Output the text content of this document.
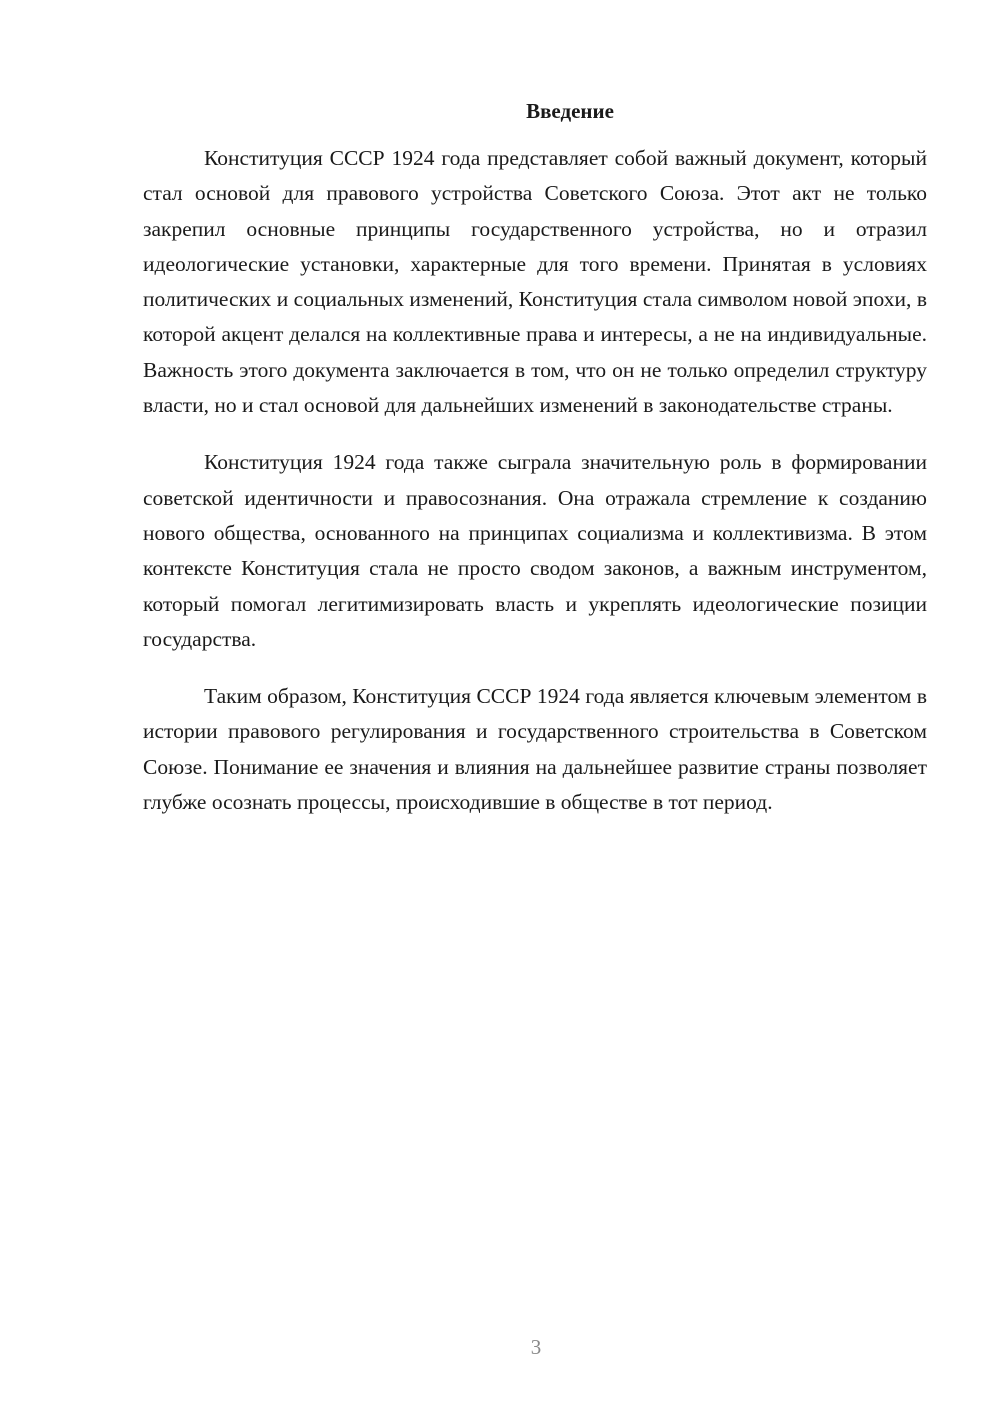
Введение

Конституция СССР 1924 года представляет собой важный документ, который стал основой для правового устройства Советского Союза. Этот акт не только закрепил основные принципы государственного устройства, но и отразил идеологические установки, характерные для того времени. Принятая в условиях политических и социальных изменений, Конституция стала символом новой эпохи, в которой акцент делался на коллективные права и интересы, а не на индивидуальные. Важность этого документа заключается в том, что он не только определил структуру власти, но и стал основой для дальнейших изменений в законодательстве страны.

Конституция 1924 года также сыграла значительную роль в формировании советской идентичности и правосознания. Она отражала стремление к созданию нового общества, основанного на принципах социализма и коллективизма. В этом контексте Конституция стала не просто сводом законов, а важным инструментом, который помогал легитимизировать власть и укреплять идеологические позиции государства.

Таким образом, Конституция СССР 1924 года является ключевым элементом в истории правового регулирования и государственного строительства в Советском Союзе. Понимание ее значения и влияния на дальнейшее развитие страны позволяет глубже осознать процессы, происходившие в обществе в тот период.

3
